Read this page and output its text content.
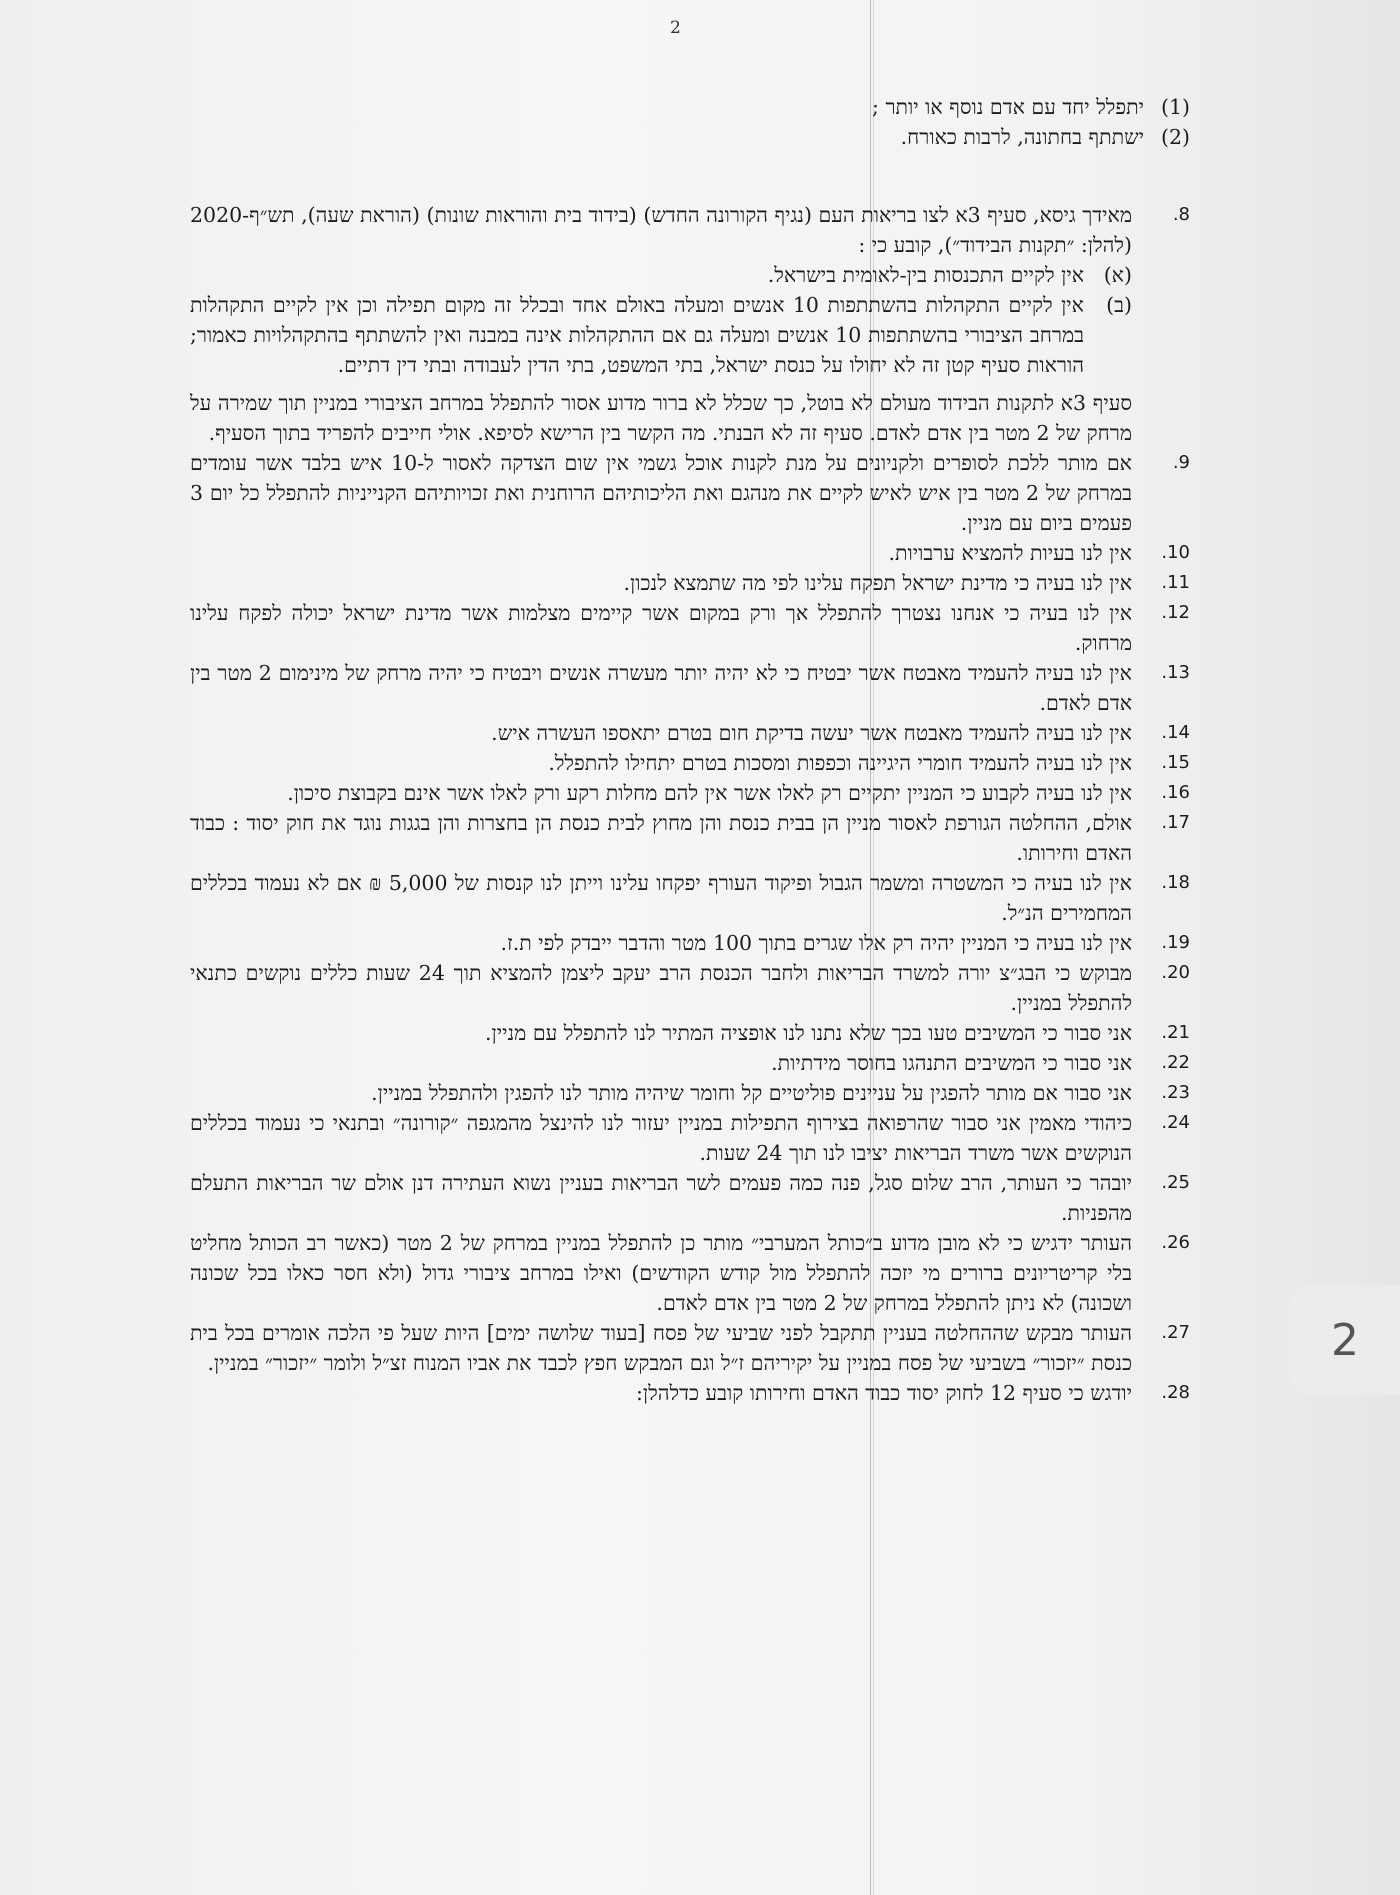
2
(1)
יתפלל יחד עם אדם נוסף או יותר ;
(2)
ישתתף בחתונה, לרבות כאורח.
8.
מאידך גיסא, סעיף 3א לצו בריאות העם (נגיף הקורונה החדש) (בידוד בית והוראות שונות) (הוראת שעה), תש״ף-2020 (להלן: ״תקנות הבידוד״), קובע כי :
(א)
אין לקיים התכנסות בין-לאומית בישראל.
(ב)
אין לקיים התקהלות בהשתתפות 10 אנשים ומעלה באולם אחד ובכלל זה מקום תפילה וכן אין לקיים התקהלות במרחב הציבורי בהשתתפות 10 אנשים ומעלה גם אם ההתקהלות אינה במבנה ואין להשתתף בהתקהלויות כאמור; הוראות סעיף קטן זה לא יחולו על כנסת ישראל, בתי המשפט, בתי הדין לעבודה ובתי דין דתיים.
סעיף 3א לתקנות הבידוד מעולם לא בוטל, כך שכלל לא ברור מדוע אסור להתפלל במרחב הציבורי במניין תוך שמירה על מרחק של 2 מטר בין אדם לאדם. סעיף זה לא הבנתי. מה הקשר בין הרישא לסיפא. אולי חייבים להפריד בתוך הסעיף.
9.
אם מותר ללכת לסופרים ולקניונים על מנת לקנות אוכל גשמי אין שום הצדקה לאסור ל-10 איש בלבד אשר עומדים במרחק של 2 מטר בין איש לאיש לקיים את מנהגם ואת הליכותיהם הרוחנית ואת זכויותיהם הקנייניות להתפלל כל יום 3 פעמים ביום עם מניין.
10.
אין לנו בעיות להמציא ערבויות.
11.
אין לנו בעיה כי מדינת ישראל תפקח עלינו לפי מה שתמצא לנכון.
12.
אין לנו בעיה כי אנחנו נצטרך להתפלל אך ורק במקום אשר קיימים מצלמות אשר מדינת ישראל יכולה לפקח עלינו מרחוק.
13.
אין לנו בעיה להעמיד מאבטח אשר יבטיח כי לא יהיה יותר מעשרה אנשים ויבטיח כי יהיה מרחק של מינימום 2 מטר בין אדם לאדם.
14.
אין לנו בעיה להעמיד מאבטח אשר יעשה בדיקת חום בטרם יתאספו העשרה איש.
15.
אין לנו בעיה להעמיד חומרי היגיינה וכפפות ומסכות בטרם יתחילו להתפלל.
16.
אין לנו בעיה לקבוע כי המניין יתקיים רק לאלו אשר אין להם מחלות רקע ורק לאלו אשר אינם בקבוצת סיכון.
17.
אולם, ההחלטה הגורפת לאסור מניין הן בבית כנסת והן מחוץ לבית כנסת הן בחצרות והן בגגות נוגד את חוק יסוד : כבוד האדם וחירותו.
18.
אין לנו בעיה כי המשטרה ומשמר הגבול ופיקוד העורף יפקחו עלינו וייתן לנו קנסות של 5,000 ₪ אם לא נעמוד בכללים המחמירים הנ״ל.
19.
אין לנו בעיה כי המניין יהיה רק אלו שגרים בתוך 100 מטר והדבר ייבדק לפי ת.ז.
20.
מבוקש כי הבג״צ יורה למשרד הבריאות ולחבר הכנסת הרב יעקב ליצמן להמציא תוך 24 שעות כללים נוקשים כתנאי להתפלל במניין.
21.
אני סבור כי המשיבים טעו בכך שלא נתנו לנו אופציה המתיר לנו להתפלל עם מניין.
22.
אני סבור כי המשיבים התנהגו בחוסר מידתיות.
23.
אני סבור אם מותר להפגין על עניינים פוליטיים קל וחומר שיהיה מותר לנו להפגין ולהתפלל במניין.
24.
כיהודי מאמין אני סבור שהרפואה בצירוף התפילות במניין יעזור לנו להינצל מהמגפה ״קורונה״ ובתנאי כי נעמוד בכללים הנוקשים אשר משרד הבריאות יציבו לנו תוך 24 שעות.
25.
יובהר כי העותר, הרב שלום סגל, פנה כמה פעמים לשר הבריאות בעניין נשוא העתירה דנן אולם שר הבריאות התעלם מהפניות.
26.
העותר ידגיש כי לא מובן מדוע ב״כותל המערבי״ מותר כן להתפלל במניין במרחק של 2 מטר (כאשר רב הכותל מחליט בלי קריטריונים ברורים מי יזכה להתפלל מול קודש הקודשים) ואילו במרחב ציבורי גדול (ולא חסר כאלו בכל שכונה ושכונה) לא ניתן להתפלל במרחק של 2 מטר בין אדם לאדם.
27.
העותר מבקש שההחלטה בעניין תתקבל לפני שביעי של פסח [בעוד שלושה ימים] היות שעל פי הלכה אומרים בכל בית כנסת ״יזכור״ בשביעי של פסח במניין על יקיריהם ז״ל וגם המבקש חפץ לכבד את אביו המנוח זצ״ל ולומר ״יזכור״ במניין.
28.
יודגש כי סעיף 12 לחוק יסוד כבוד האדם וחירותו קובע כדלהלן:
2
